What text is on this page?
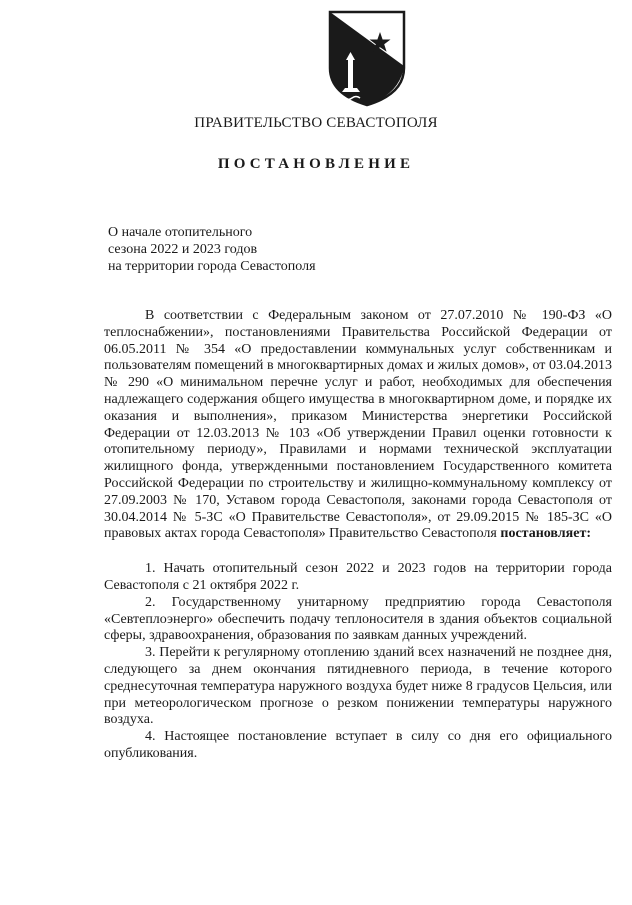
ПРАВИТЕЛЬСТВО СЕВАСТОПОЛЯ
ПОСТАНОВЛЕНИЕ
О начале отопительного
сезона 2022 и 2023 годов
на территории города Севастополя

В соответствии с Федеральным законом от 27.07.2010 № 190-ФЗ «О теплоснабжении», постановлениями Правительства Российской Федерации от 06.05.2011 № 354 «О предоставлении коммунальных услуг собственникам и пользователям помещений в многоквартирных домах и жилых домов», от 03.04.2013 № 290 «О минимальном перечне услуг и работ, необходимых для обеспечения надлежащего содержания общего имущества в многоквартирном доме, и порядке их оказания и выполнения», приказом Министерства энергетики Российской Федерации от 12.03.2013 № 103 «Об утверждении Правил оценки готовности к отопительному периоду», Правилами и нормами технической эксплуатации жилищного фонда, утвержденными постановлением Государственного комитета Российской Федерации по строительству и жилищно-коммунальному комплексу от 27.09.2003 № 170, Уставом города Севастополя, законами города Севастополя от 30.04.2014 № 5-ЗС «О Правительстве Севастополя», от 29.09.2015 № 185-ЗС «О правовых актах города Севастополя» Правительство Севастополя постановляет:

1. Начать отопительный сезон 2022 и 2023 годов на территории города Севастополя с 21 октября 2022 г.

2. Государственному унитарному предприятию города Севастополя «Севтеплоэнерго» обеспечить подачу теплоносителя в здания объектов социальной сферы, здравоохранения, образования по заявкам данных учреждений.

3. Перейти к регулярному отоплению зданий всех назначений не позднее дня, следующего за днем окончания пятидневного периода, в течение которого среднесуточная температура наружного воздуха будет ниже 8 градусов Цельсия, или при метеорологическом прогнозе о резком понижении температуры наружного воздуха.

4. Настоящее постановление вступает в силу со дня его официального опубликования.
